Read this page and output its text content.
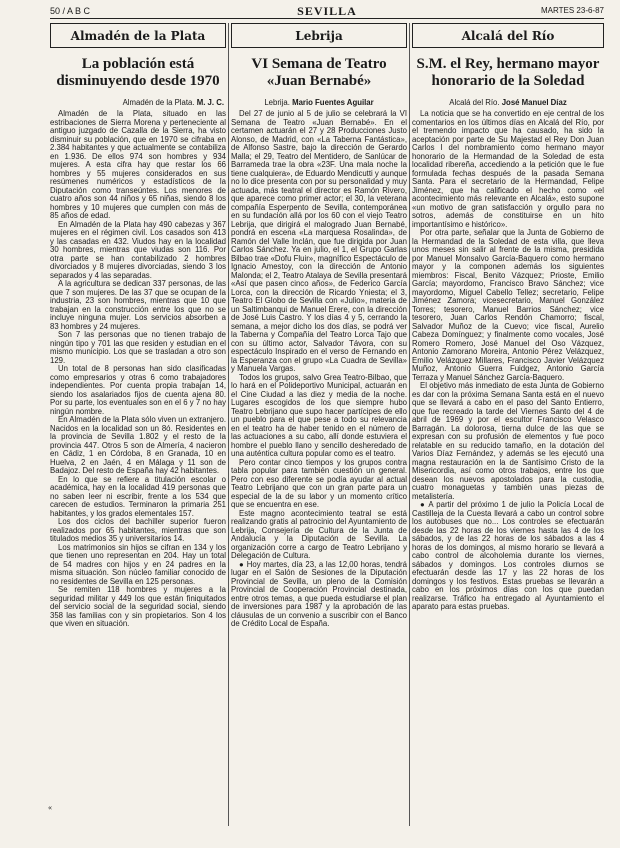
50 / A B C	SEVILLA	MARTES 23-6-87
Almadén de la Plata
La población está disminuyendo desde 1970
Almadén de la Plata. M. J. C.

Almadén de la Plata, situado en las estribaciones de Sierra Morena y perteneciente al antiguo juzgado de Cazalla de la Sierra, ha visto disminuir su población, que en 1970 se cifraba en 2.384 habitantes y que actualmente se contabiliza en 1.936. De ellos 974 son hombres y 934 mujeres. A esta cifra hay que restar los 66 hombres y 55 mujeres considerados en sus resúmenes numéricos y estadísticos de la Diputación como transeúntes. Los menores de cuatro años son 44 niños y 65 niñas, siendo 8 los hombres y 10 mujeres que cumplen con más de 85 años de edad.

En Almadén de la Plata hay 490 cabezas y 367 mujeres en el régimen civil. Los casados son 413 y las casadas en 432. Viudos hay en la localidad 30 hombres, mientras que viudas son 116. Por otra parte se han contabilizado 2 hombres divorciados y 8 mujeres divorciadas, siendo 3 los separados y 4 las separadas.

A la agricultura se dedican 337 personas, de las que 7 son mujeres. De las 37 que se ocupan de la industria, 23 son hombres, mientras que 10 que trabajan en la construcción entre los que no se incluye ninguna mujer. Los servicios absorben a 83 hombres y 24 mujeres.

Son 7 las personas que no tienen trabajo de ningún tipo y 701 las que residen y estudian en el mismo municipio. Los que se trasladan a otro son 129.

Un total de 8 personas han sido clasificadas como empresarios y otras 6 como trabajadores independientes. Por cuenta propia trabajan 14, siendo los asalariados fijos de cuenta ajena 80. Por su parte, los eventuales son en el 6 y 7 no hay ningún nombre.

En Almadén de la Plata sólo viven un extranjero. Nacidos en la localidad son un 8ó. Residentes en la provincia de Sevilla 1.802 y el resto de la provincia 447. Otros 5 son de Almería, 4 nacieron en Cádiz, 1 en Córdoba, 8 en Granada, 10 en Huelva, 2 en Jaén, 4 en Málaga y 11 son de Badajoz. Del resto de España hay 42 habitantes.

En lo que se refiere a titulación escolar o académica, hay en la localidad 419 personas que no saben leer ni escribir, frente a los 534 que carecen de estudios. Terminaron la primaria 251 habitantes, y los grados elementales 157.

Los dos ciclos del bachiller superior fueron realizados por 65 habitantes, mientras que son titulados medios 35 y universitarios 14.

Los matrimonios sin hijos se cifran en 134 y los que tienen uno representan en 204. Hay un total de 54 madres con hijos y en 24 padres en la misma situación. Son núcleo familiar conocido de no residentes de Sevilla en 125 personas.

Se remiten 118 hombres y mujeres a la seguridad militar y 449 los que están finiquitados del servicio social de la seguridad social, siendo 358 las familias con y sin propietarios. Son 4 los que viven en situación.

Lebrija
VI Semana de Teatro «Juan Bernabé»
Lebrija. Mario Fuentes Aguilar

Del 27 de junio al 5 de julio se celebrará la VI Semana de Teatro «Juan Bernabé». En el certamen actuarán el 27 y 28 Producciones Justo Alonso, de Madrid, con «La Taberna Fantástica», de Alfonso Sastre, bajo la dirección de Gerardo Malla; el 29, Teatro del Mentidero, de Sanlúcar de Barrameda trae la obra «23F. Una mala noche la tiene cualquiera», de Eduardo Mendicutti y aunque no lo dice presenta con por su personalidad y muy actuada, más teatral el director es Ramón Rivero, que aparece como primer actor; el 30, la veterana compañía Esperpento de Sevilla, contemporánea en su fundación allá por los 60 con el viejo Teatro Lebrija, que dirigirá el malogrado Juan Bernabé, pondrá en escena «La marquesa Rosalinda», de Ramón del Valle Inclán, que fue dirigida por Juan Carlos Sánchez. Ya en julio, el 1, el Grupo Garlas Bilbao trae «Dofu Fluir», magnífico Espectáculo de Ignacio Amestoy, con la dirección de Antonio Malonda; el 2, Teatro Atalaya de Sevilla presentará «Así que pasen cinco años», de Federico García Lorca, con la dirección de Ricardo Yniesta; el 3, Teatro El Globo de Sevilla con «Julio», materia de un Saltimbanqui de Manuel Erere, con la dirección de José Luis Castro. Y los días 4 y 5, cerrando la semana, a mejor dicho los dos días, se podrá ver la Taberna y Compañía del Teatro Lorca Tajo que con su último actor, Salvador Távora, con su espectáculo Inspirado en el verso de Fernando en la Esperanza con el grupo «La Cuadra de Sevilla» y Manuela Vargas.

Todos los grupos, salvo Grea Teatro-Bilbao, que lo hará en el Polideportivo Municipal, actuarán en el Cine Ciudad a las diez y media de la noche. Lugares escogidos de los que siempre hubo Teatro Lebrijano que supo hacer partícipes de ello un pueblo para el que pese a todo su relevancia en el teatro ha de haber tenido en el número de las actuaciones a su cabo, allí donde estuviera el hombre el pueblo llano y sencillo desheredado de una auténtica cultura popular como es el teatro.

Pero contar cinco tiempos y los grupos contra tabla popular para también cuestión un general. Pero con eso diferente se podía ayudar al actual Teatro Lebrijano que con un gran parte para un especial de la de su labor y un momento crítico que se encuentra en ese.

Este magno acontecimiento teatral se está realizando gratis al patrocinio del Ayuntamiento de Lebrija, Consejería de Cultura de la Junta de Andalucía y la Diputación de Sevilla. La organización corre a cargo de Teatro Lebrijano y Delegación de Cultura.

● Hoy martes, día 23, a las 12,00 horas, tendrá lugar en el Salón de Sesiones de la Diputación Provincial de Sevilla, un pleno de la Comisión Provincial de Cooperación Provincial destinada, entre otros temas, a que pueda estudiarse el plan de inversiones para 1987 y la aprobación de las cláusulas de un convenio a suscribir con el Banco de Crédito Local de España.

Alcalá del Río
S.M. el Rey, hermano mayor honorario de la Soledad
Alcalá del Río. José Manuel Díaz

La noticia que se ha convertido en eje central de los comentarios en los últimos días en Alcalá del Río, por el tremendo impacto que ha causado, ha sido la aceptación por parte de Su Majestad el Rey Don Juan Carlos I del nombramiento como hermano mayor honorario de la Hermandad de la Soledad de esta localidad ribereña, accediendo a la petición que le fue formulada fechas después de la pasada Semana Santa. Para el secretario de la Hermandad, Felipe Jiménez, que ha calificado el hecho como «el acontecimiento más relevante en Alcalá», esto supone «un motivo de gran satisfacción y orgullo para no sotros, además de constituirse en un hito importantísimo e histórico».

Por otra parte, señalar que la Junta de Gobierno de la Hermandad de la Soledad de esta villa, que lleva unos meses sin salir al frente de la misma, presidida por Manuel Monsalvo García-Baquero como hermano mayor y la componen además los siguientes miembros: Fiscal, Benito Vázquez; Prioste, Emilio García; mayordomo, Francisco Bravo Sánchez; vice mayordomo, Miguel Cabello Tellez; secretario, Felipe Jiménez Zamora; vicesecretario, Manuel González Torres; tesorero, Manuel Barrios Sánchez; vice tesorero, Juan Carlos Rendón Chamorro; fiscal, Salvador Muñoz de la Cuevo; vice fiscal, Aurelio Cabeza Domínguez; y finalmente como vocales, José Romero Romero, José Manuel del Oso Vázquez, Antonio Zamorano Moreira, Antonio Pérez Velázquez, Emilio Velázquez Millares, Francisco Javier Velázquez Muñoz, Antonio Guerra Fuidgez, Antonio García Terraza y Manuel Sánchez García-Baquero.

El objetivo más inmediato de esta Junta de Gobierno es dar con la próxima Semana Santa está en el nuevo que se llevará a cabo en el paso del Santo Entierro, que fue recreado la tarde del Viernes Santo del 4 de abril de 1969 y por el escultor Francisco Velasco Barragán. La dolorosa, tierna dulce de las que se expresan con su profusión de elementos y fue poco relatable en su reducido tamaño, en la dotación del Varios Díaz Fernández, y además se les ejecutó una magna restauración en la de Santísimo Cristo de la Misericordia, así como otros trabajos, entre los que desean los nuevos apostolados para la custodia, cuatro monaguetas y también unas piezas de metalistería.

● A partir del próximo 1 de julio la Policía Local de Castilleja de la Cuesta llevará a cabo un control sobre los autobuses que no... Los controles se efectuarán desde las 22 horas de los viernes hasta las 4 de los sábados, y de las 22 horas de los sábados a las 4 horas de los domingos, al mismo horario se llevará a cabo control de alcoholemia durante los viernes, sábados y domingos. Los controles diurnos se efectuarán desde las 17 y las 22 horas de los domingos y los festivos. Estas pruebas se llevarán a cabo en los próximos días con los que puedan realizarse. Tráfico ha entregado al Ayuntamiento el aparato para estas pruebas.

«
